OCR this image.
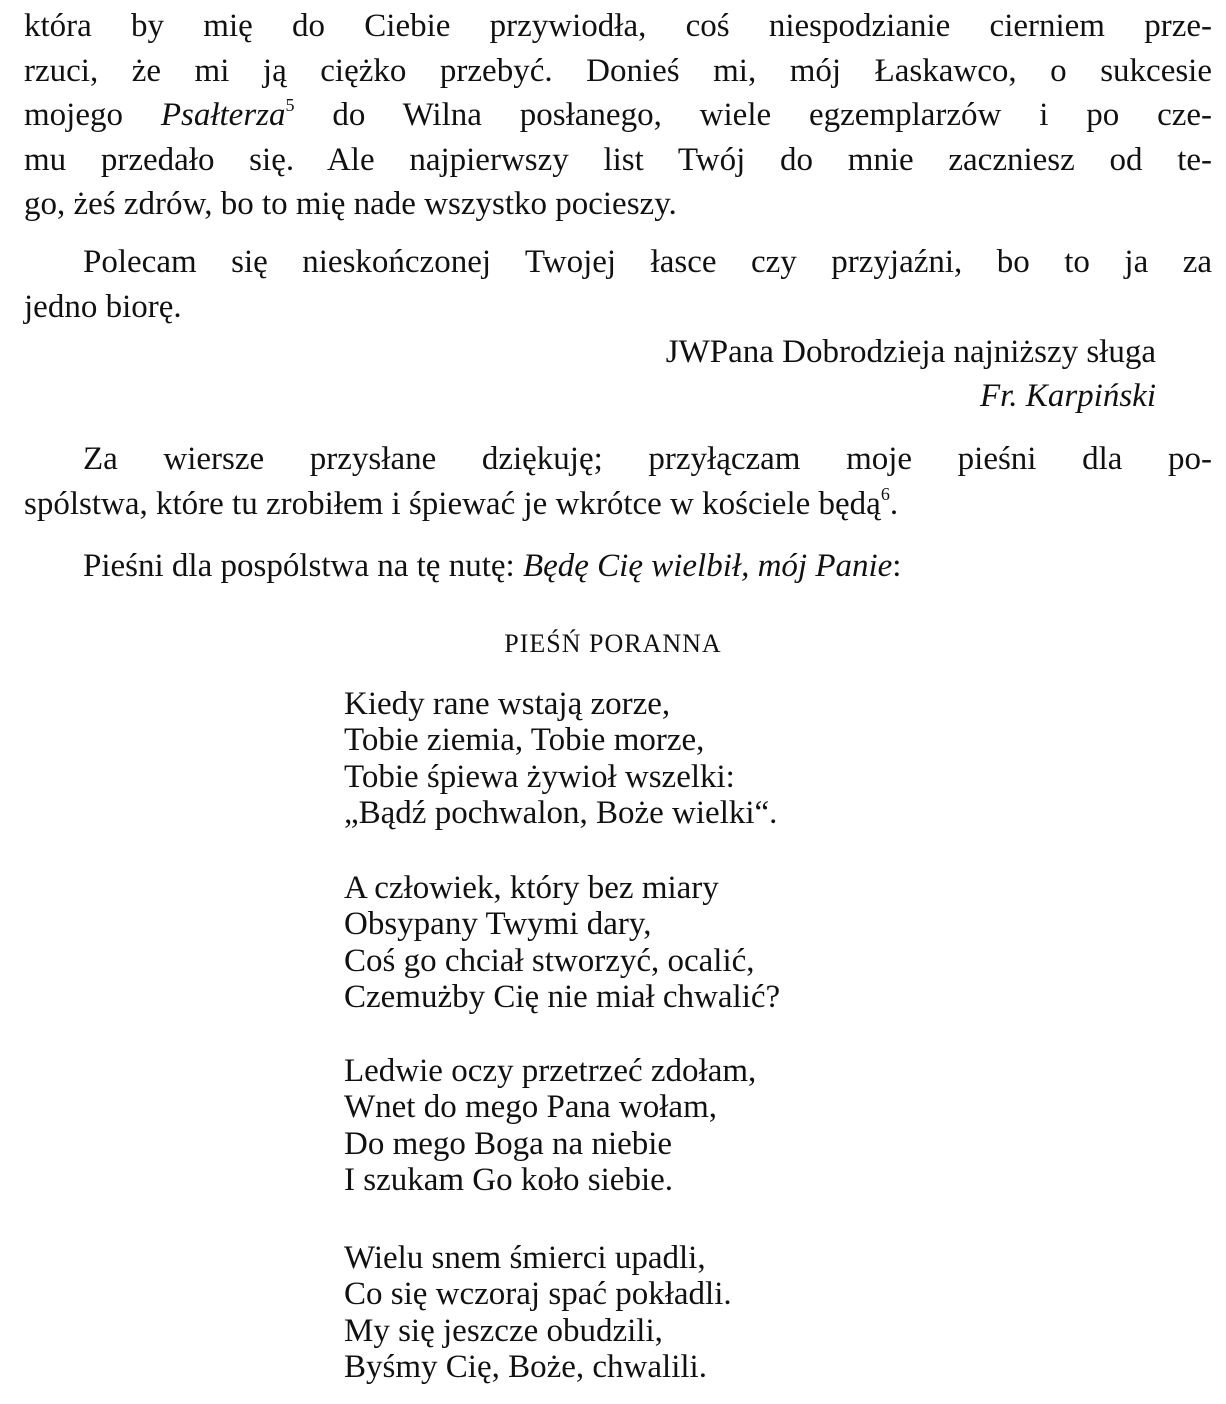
która by mię do Ciebie przywiodła, coś niespodzianie cierniem prze-
rzuci, że mi ją ciężko przebyć. Donieś mi, mój Łaskawco, o sukcesie
mojego Psałterza$^5$ do Wilna posłanego, wiele egzemplarzów i po cze-
mu przedało się. Ale najpierwszy list Twój do mnie zaczniesz od te-
go, żeś zdrów, bo to mię nade wszystko pocieszy.
Polecam się nieskończonej Twojej łasce czy przyjaźni, bo to ja za
jedno biorę.
JWPana Dobrodzieja najniższy sługa
Fr. Karpiński
Za wiersze przysłane dziękuję; przyłączam moje pieśni dla po-
spólstwa, które tu zrobiłem i śpiewać je wkrótce w kościele będą$^6$.
Pieśni dla pospólstwa na tę nutę: Będę Cię wielbił, mój Panie:
PIEŚŃ PORANNA
Kiedy rane wstają zorze,
Tobie ziemia, Tobie morze,
Tobie śpiewa żywioł wszelki:
„Bądź pochwalon, Boże wielki“.
A człowiek, który bez miary
Obsypany Twymi dary,
Coś go chciał stworzyć, ocalić,
Czemużby Cię nie miał chwalić?
Ledwie oczy przetrzeć zdołam,
Wnet do mego Pana wołam,
Do mego Boga na niebie
I szukam Go koło siebie.
Wielu snem śmierci upadli,
Co się wczoraj spać pokładli.
My się jeszcze obudzili,
Byśmy Cię, Boże, chwalili.
